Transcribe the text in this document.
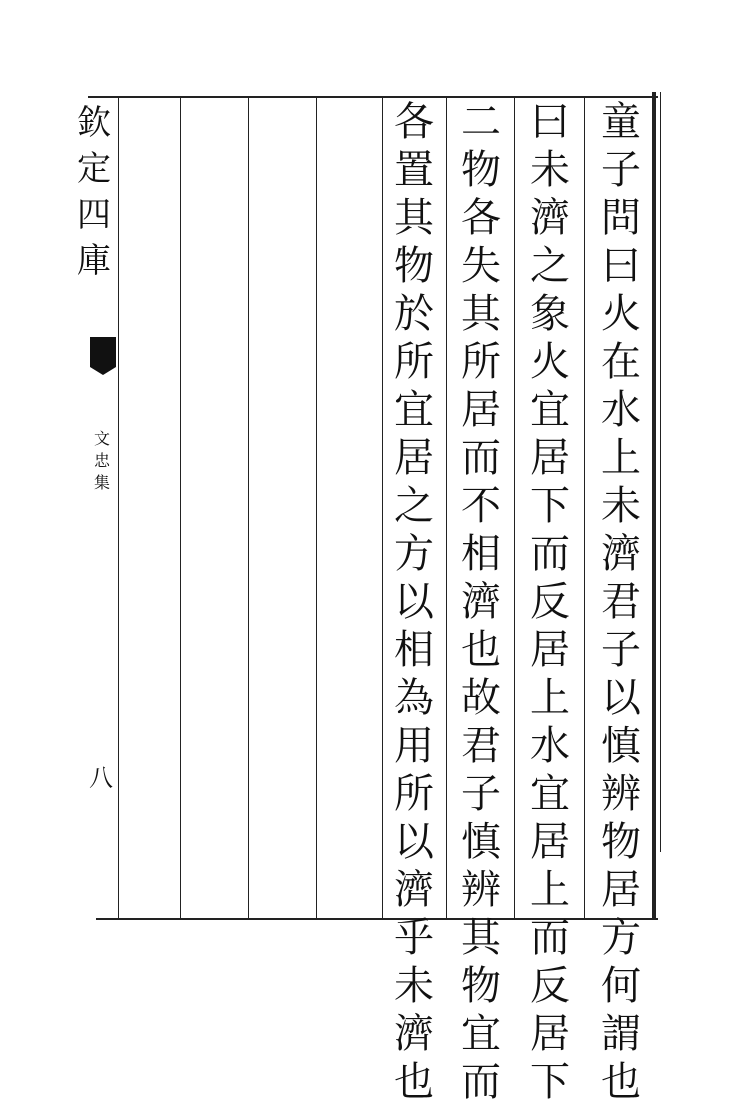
欽
定
四
庫
文
忠
集
八
童
子
問
曰
火
在
水
上
未
濟
君
子
以
慎
辨
物
居
方
何
謂
也
曰
未
濟
之
象
火
宜
居
下
而
反
居
上
水
宜
居
上
而
反
居
下
二
物
各
失
其
所
居
而
不
相
濟
也
故
君
子
慎
辨
其
物
宜
而
各
置
其
物
於
所
宜
居
之
方
以
相
為
用
所
以
濟
乎
未
濟
也
